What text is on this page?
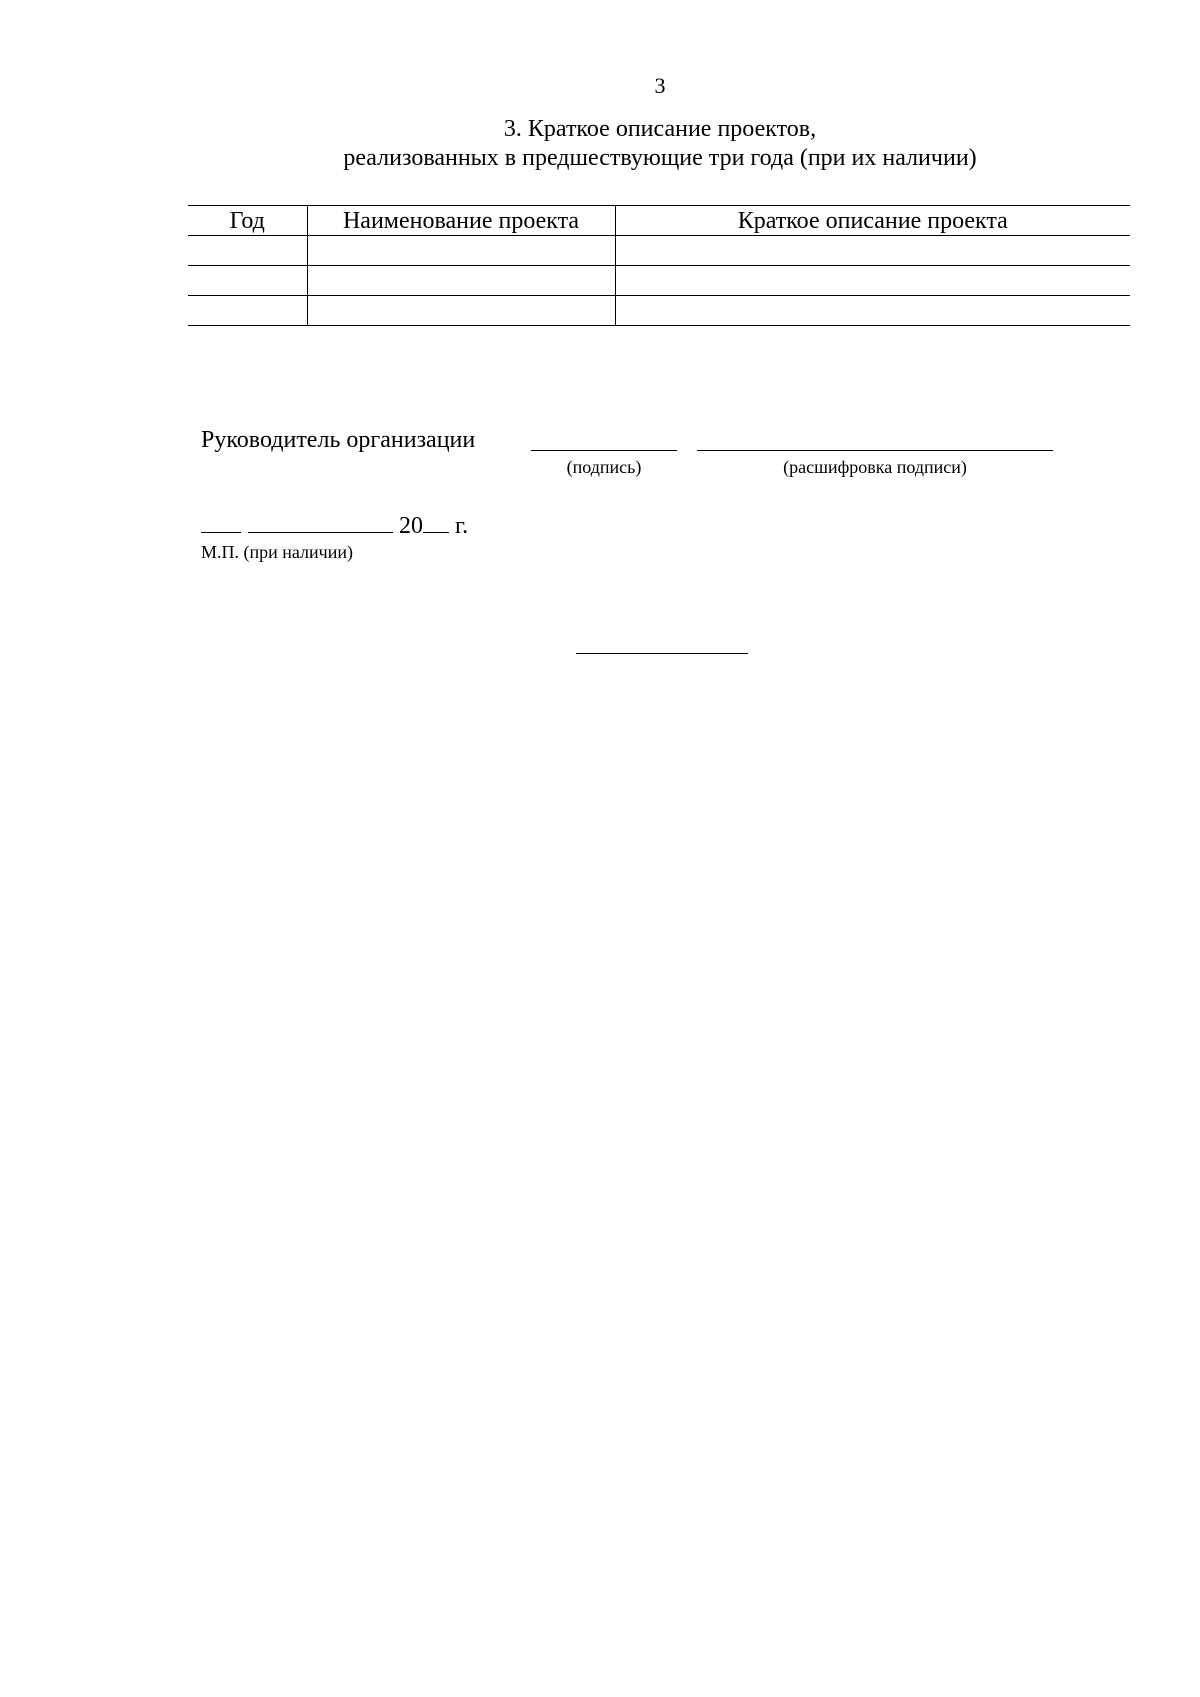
3
3. Краткое описание проектов,
реализованных в предшествующие три года (при их наличии)
Год	Наименование проекта	Краткое описание проекта

Руководитель организации
(подпись)	(расшифровка подписи)
20 г.
М.П. (при наличии)
